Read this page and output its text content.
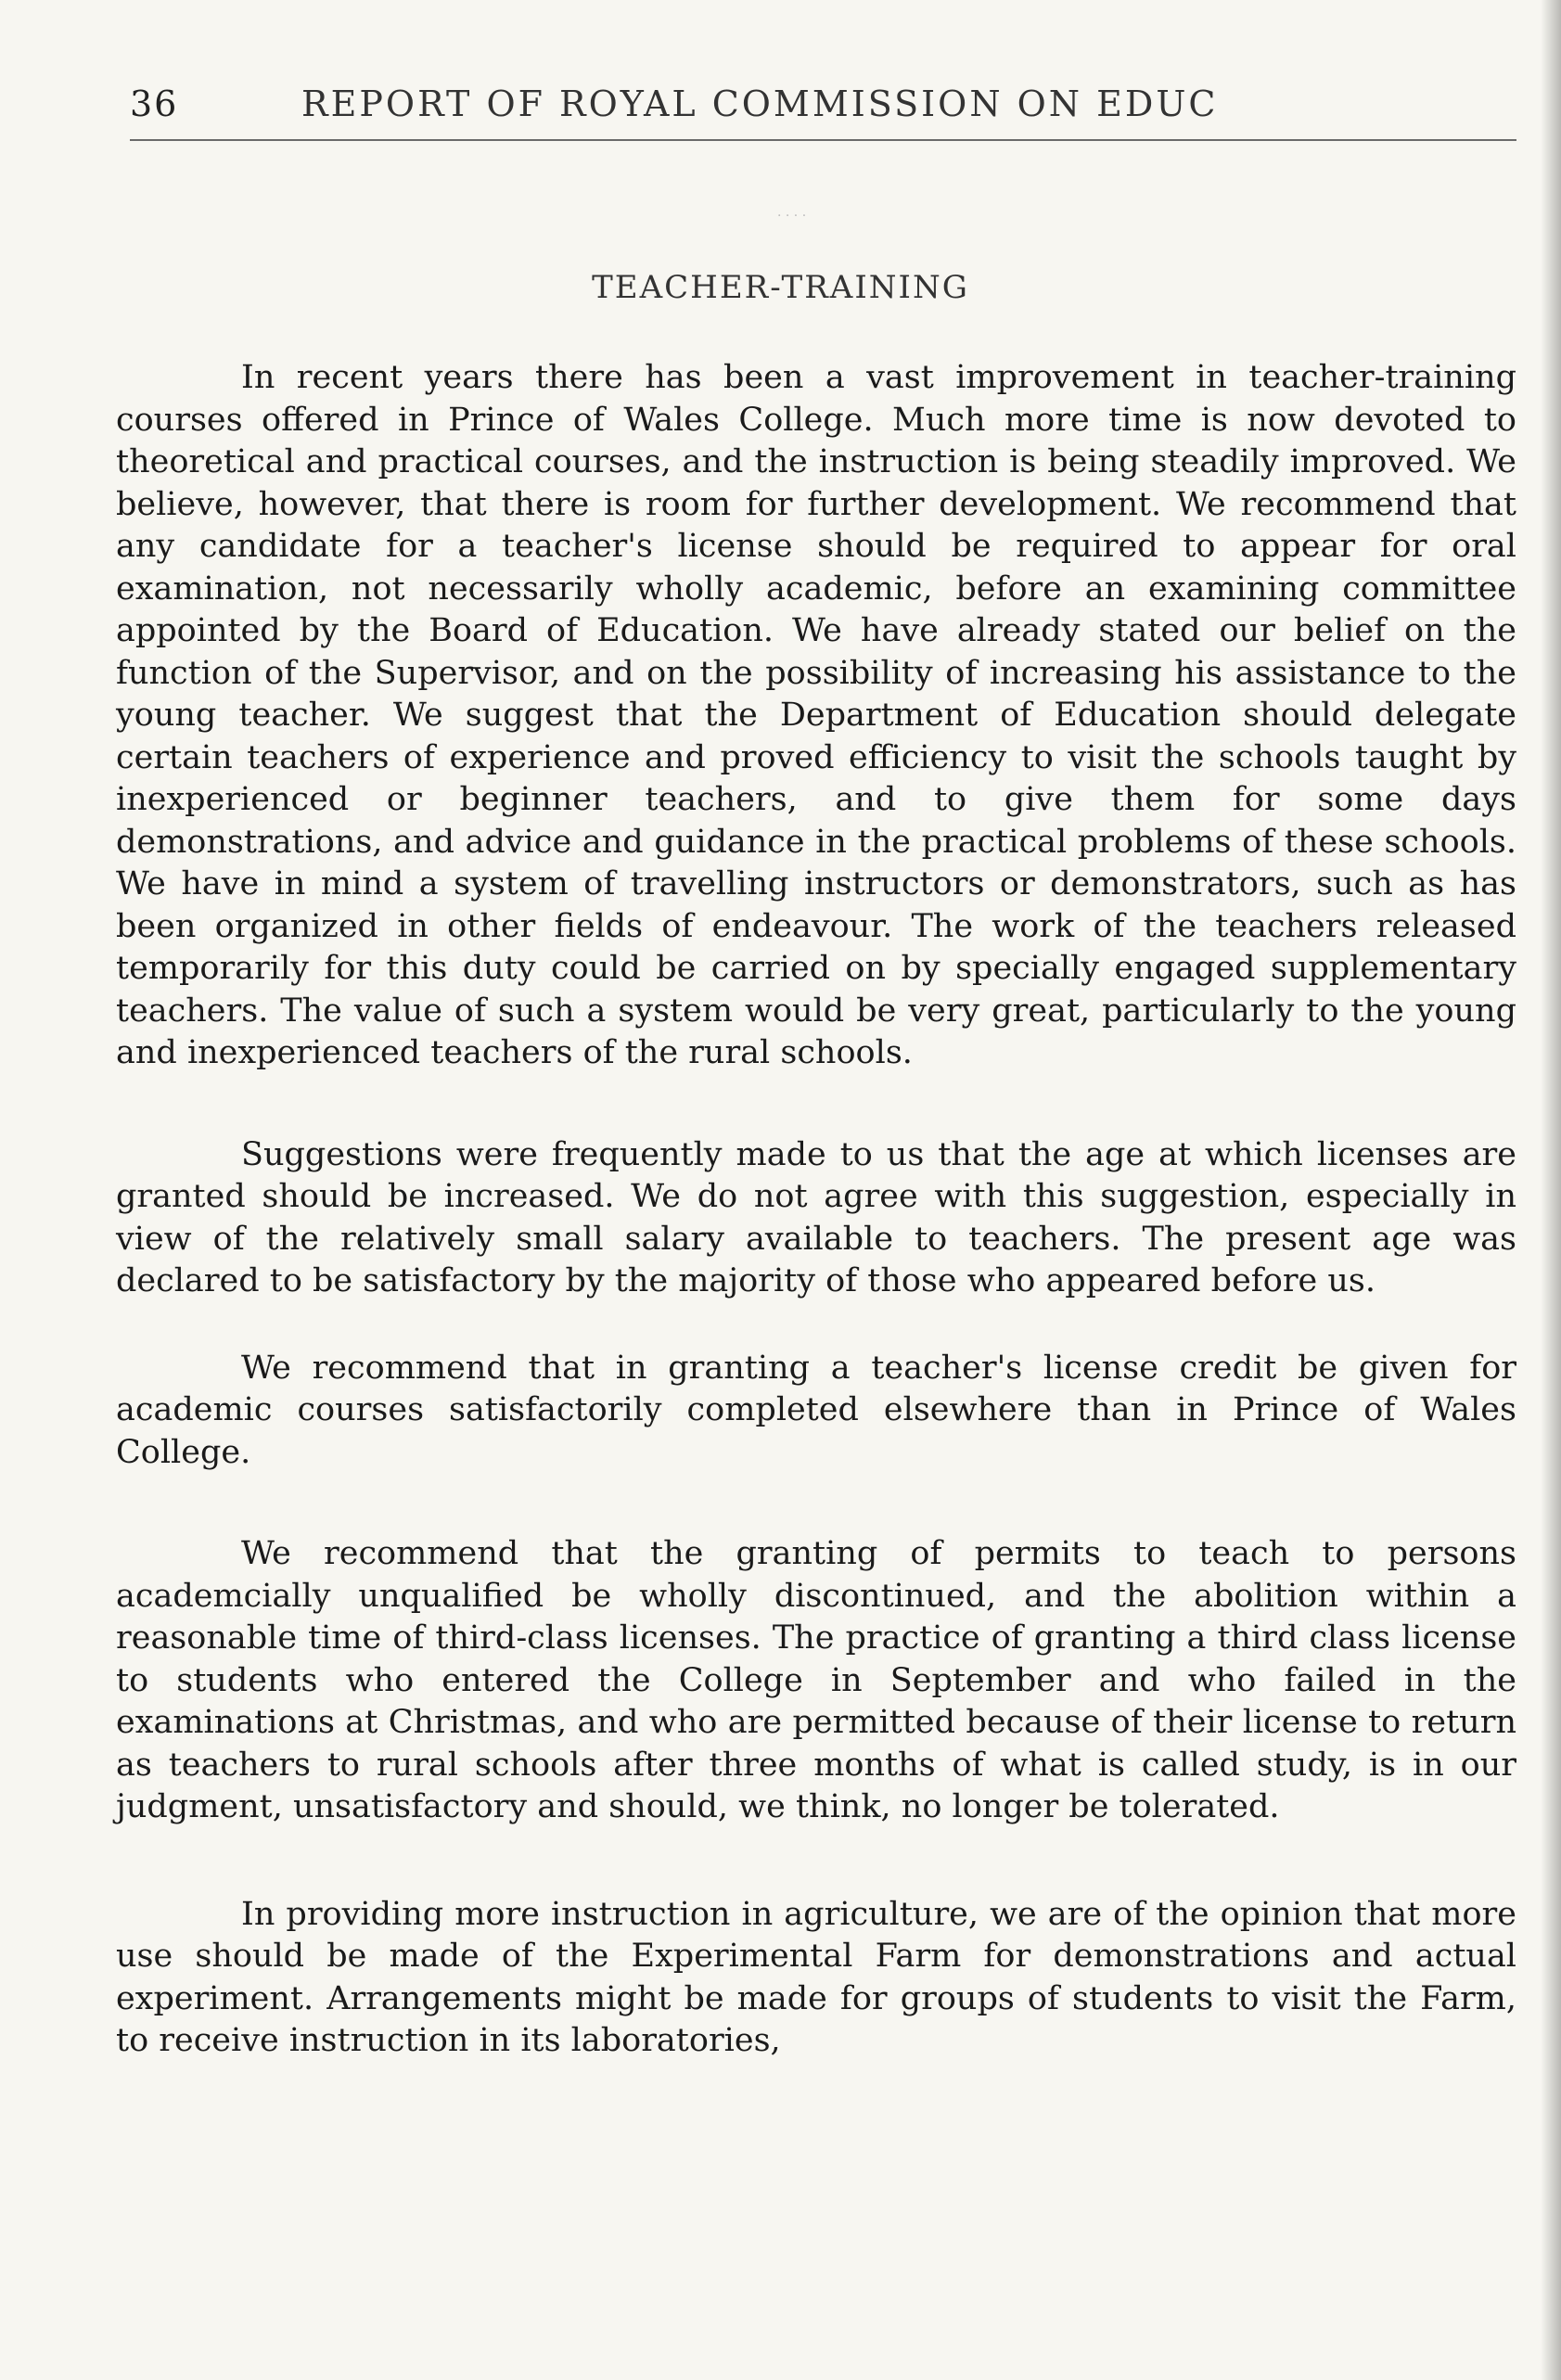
36	REPORT OF ROYAL COMMISSION ON EDUC
· · · ·
TEACHER-TRAINING

In recent years there has been a vast improvement in teacher-training courses offered in Prince of Wales College. Much more time is now devoted to theoretical and practical courses, and the instruction is being steadily improved. We believe, however, that there is room for further development. We recommend that any candidate for a teacher's license should be required to appear for oral examination, not necessarily wholly academic, before an examining committee appointed by the Board of Education. We have already stated our belief on the function of the Supervisor, and on the possibility of increasing his assistance to the young teacher. We suggest that the Department of Education should delegate certain teachers of experience and proved efficiency to visit the schools taught by inexperienced or beginner teachers, and to give them for some days demonstrations, and advice and guidance in the practical problems of these schools. We have in mind a system of travelling instructors or demonstrators, such as has been organized in other fields of endeavour. The work of the teachers released temporarily for this duty could be carried on by specially engaged supplementary teachers. The value of such a system would be very great, particularly to the young and inexperienced teachers of the rural schools.

Suggestions were frequently made to us that the age at which licenses are granted should be increased. We do not agree with this suggestion, especially in view of the relatively small salary available to teachers. The present age was declared to be satisfactory by the majority of those who appeared before us.

We recommend that in granting a teacher's license credit be given for academic courses satisfactorily completed elsewhere than in Prince of Wales College.

We recommend that the granting of permits to teach to persons academcially unqualified be wholly discontinued, and the abolition within a reasonable time of third-class licenses. The practice of granting a third class license to students who entered the College in September and who failed in the examinations at Christmas, and who are permitted because of their license to return as teachers to rural schools after three months of what is called study, is in our judgment, unsatisfactory and should, we think, no longer be tolerated.

In providing more instruction in agriculture, we are of the opinion that more use should be made of the Experimental Farm for demonstrations and actual experiment. Arrangements might be made for groups of students to visit the Farm, to receive instruction in its laboratories,
